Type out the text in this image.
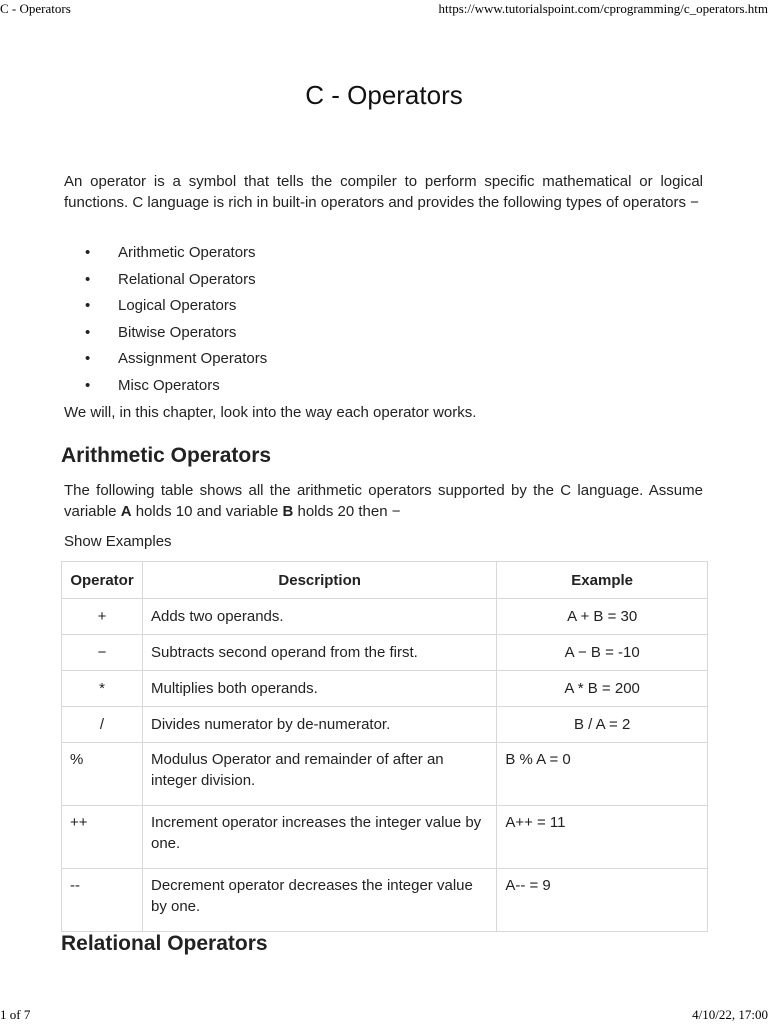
C - Operators	https://www.tutorialspoint.com/cprogramming/c_operators.htm
C - Operators

An operator is a symbol that tells the compiler to perform specific mathematical or logical functions. C language is rich in built-in operators and provides the following types of operators −

•	Arithmetic Operators
•	Relational Operators
•	Logical Operators
•	Bitwise Operators
•	Assignment Operators
•	Misc Operators

We will, in this chapter, look into the way each operator works.

Arithmetic Operators

The following table shows all the arithmetic operators supported by the C language. Assume variable A holds 10 and variable B holds 20 then −

Show Examples

Operator	Description	Example
+	Adds two operands.	A + B = 30
−	Subtracts second operand from the first.	A − B = -10
*	Multiplies both operands.	A * B = 200
/	Divides numerator by de-numerator.	B / A = 2
%	Modulus Operator and remainder of after an integer division.	B % A = 0
++	Increment operator increases the integer value by one.	A++ = 11
--	Decrement operator decreases the integer value by one.	A-- = 9
Relational Operators
1 of 7	4/10/22, 17:00
